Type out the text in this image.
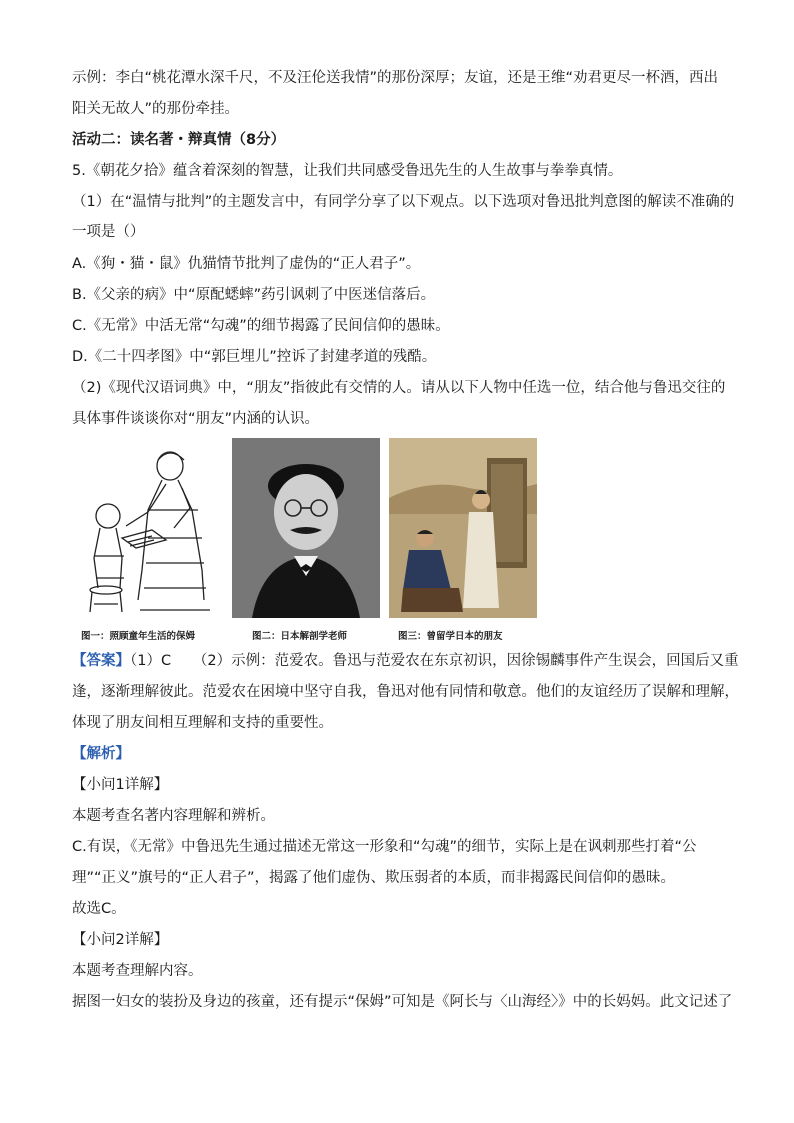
示例：李白“桃花潭水深千尺，不及汪伦送我情”的那份深厚；友谊，还是王维“劝君更尽一杯酒，西出
阳关无故人”的那份牵挂。
活动二：读名著・辩真情（8分）
5.《朝花夕拾》蕴含着深刻的智慧，让我们共同感受鲁迅先生的人生故事与拳拳真情。
（1）在“温情与批判”的主题发言中，有同学分享了以下观点。以下选项对鲁迅批判意图的解读不准确的
一项是（）
A.《狗・猫・鼠》仇猫情节批判了虚伪的“正人君子”。
B.《父亲的病》中“原配蟋蟀”药引讽刺了中医迷信落后。
C.《无常》中活无常“勾魂”的细节揭露了民间信仰的愚昧。
D.《二十四孝图》中“郭巨埋儿”控诉了封建孝道的残酷。
（2)《现代汉语词典》中，“朋友”指彼此有交情的人。请从以下人物中任选一位，结合他与鲁迅交往的
具体事件谈谈你对“朋友”内涵的认识。
图一：照顾童年生活的保姆	图二：日本解剖学老师	图三：曾留学日本的朋友
【答案】（1）C　　（2）示例：范爱农。鲁迅与范爱农在东京初识，因徐锡麟事件产生误会，回国后又重
逢，逐渐理解彼此。范爱农在困境中坚守自我，鲁迅对他有同情和敬意。他们的友谊经历了误解和理解，
体现了朋友间相互理解和支持的重要性。
【解析】
【小问1详解】
本题考查名著内容理解和辨析。
C.有误，《无常》中鲁迅先生通过描述无常这一形象和“勾魂”的细节，实际上是在讽刺那些打着“公
理”“正义”旗号的“正人君子”，揭露了他们虚伪、欺压弱者的本质，而非揭露民间信仰的愚昧。
故选C。
【小问2详解】
本题考查理解内容。
据图一妇女的装扮及身边的孩童，还有提示“保姆”可知是《阿长与〈山海经〉》中的长妈妈。此文记述了
